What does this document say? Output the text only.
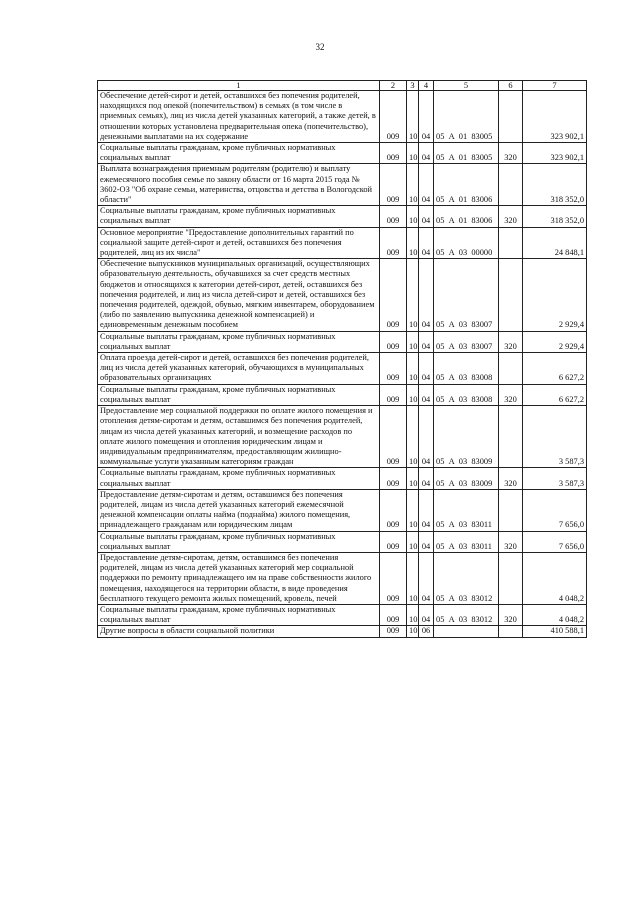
32
1	2	3	4	5	6	7
Обеспечение детей-сирот и детей, оставшихся без попечения родителей, находящихся под опекой (попечительством) в семьях (в том числе в приемных семьях), лиц из числа детей указанных категорий, а также детей, в отношении которых установлена предварительная опека (попечительство), денежными выплатами на их содержание	009	10	04	05  А  01  83005		323 902,1
Социальные выплаты гражданам, кроме публичных нормативных социальных выплат	009	10	04	05  А  01  83005	320	323 902,1
Выплата вознаграждения приемным родителям (родителю) и выплату ежемесячного пособия семье по закону области от 16 марта 2015 года № 3602-ОЗ "Об охране семьи, материнства, отцовства и детства в Вологодской области"	009	10	04	05  А  01  83006		318 352,0
Социальные выплаты гражданам, кроме публичных нормативных социальных выплат	009	10	04	05  А  01  83006	320	318 352,0
Основное мероприятие "Предоставление дополнительных гарантий по социальной защите детей-сирот и детей, оставшихся без попечения родителей, лиц из их числа"	009	10	04	05  А  03  00000		24 848,1
Обеспечение выпускников муниципальных организаций, осуществляющих образовательную деятельность, обучавшихся за счет средств местных бюджетов и относящихся к категории детей-сирот, детей, оставшихся без попечения родителей, и лиц из числа детей-сирот и детей, оставшихся без попечения родителей, одеждой, обувью, мягким инвентарем, оборудованием (либо по заявлению выпускника денежной компенсацией) и единовременным денежным пособием	009	10	04	05  А  03  83007		2 929,4
Социальные выплаты гражданам, кроме публичных нормативных социальных выплат	009	10	04	05  А  03  83007	320	2 929,4
Оплата проезда детей-сирот и детей, оставшихся без попечения родителей, лиц из числа детей указанных категорий, обучающихся в муниципальных образовательных организациях	009	10	04	05  А  03  83008		6 627,2
Социальные выплаты гражданам, кроме публичных нормативных социальных выплат	009	10	04	05  А  03  83008	320	6 627,2
Предоставление мер социальной поддержки по оплате жилого помещения и отопления детям-сиротам и детям, оставшимся без попечения родителей, лицам из числа детей указанных категорий, и возмещение расходов по оплате жилого помещения и отопления юридическим лицам и индивидуальным предпринимателям, предоставляющим жилищно-коммунальные услуги указанным категориям граждан	009	10	04	05  А  03  83009		3 587,3
Социальные выплаты гражданам, кроме публичных нормативных социальных выплат	009	10	04	05  А  03  83009	320	3 587,3
Предоставление детям-сиротам и детям, оставшимся без попечения родителей, лицам из числа детей указанных категорий ежемесячной денежной компенсации оплаты найма (поднайма) жилого помещения, принадлежащего гражданам или юридическим лицам	009	10	04	05  А  03  83011		7 656,0
Социальные выплаты гражданам, кроме публичных нормативных социальных выплат	009	10	04	05  А  03  83011	320	7 656,0
Предоставление детям-сиротам, детям, оставшимся без попечения родителей, лицам из числа детей указанных категорий мер социальной поддержки по ремонту принадлежащего им на праве собственности жилого помещения, находящегося на территории области, в виде проведения бесплатного текущего ремонта жилых помещений, кровель, печей	009	10	04	05  А  03  83012		4 048,2
Социальные выплаты гражданам, кроме публичных нормативных социальных выплат	009	10	04	05  А  03  83012	320	4 048,2
Другие вопросы в области социальной политики	009	10	06			410 588,1
